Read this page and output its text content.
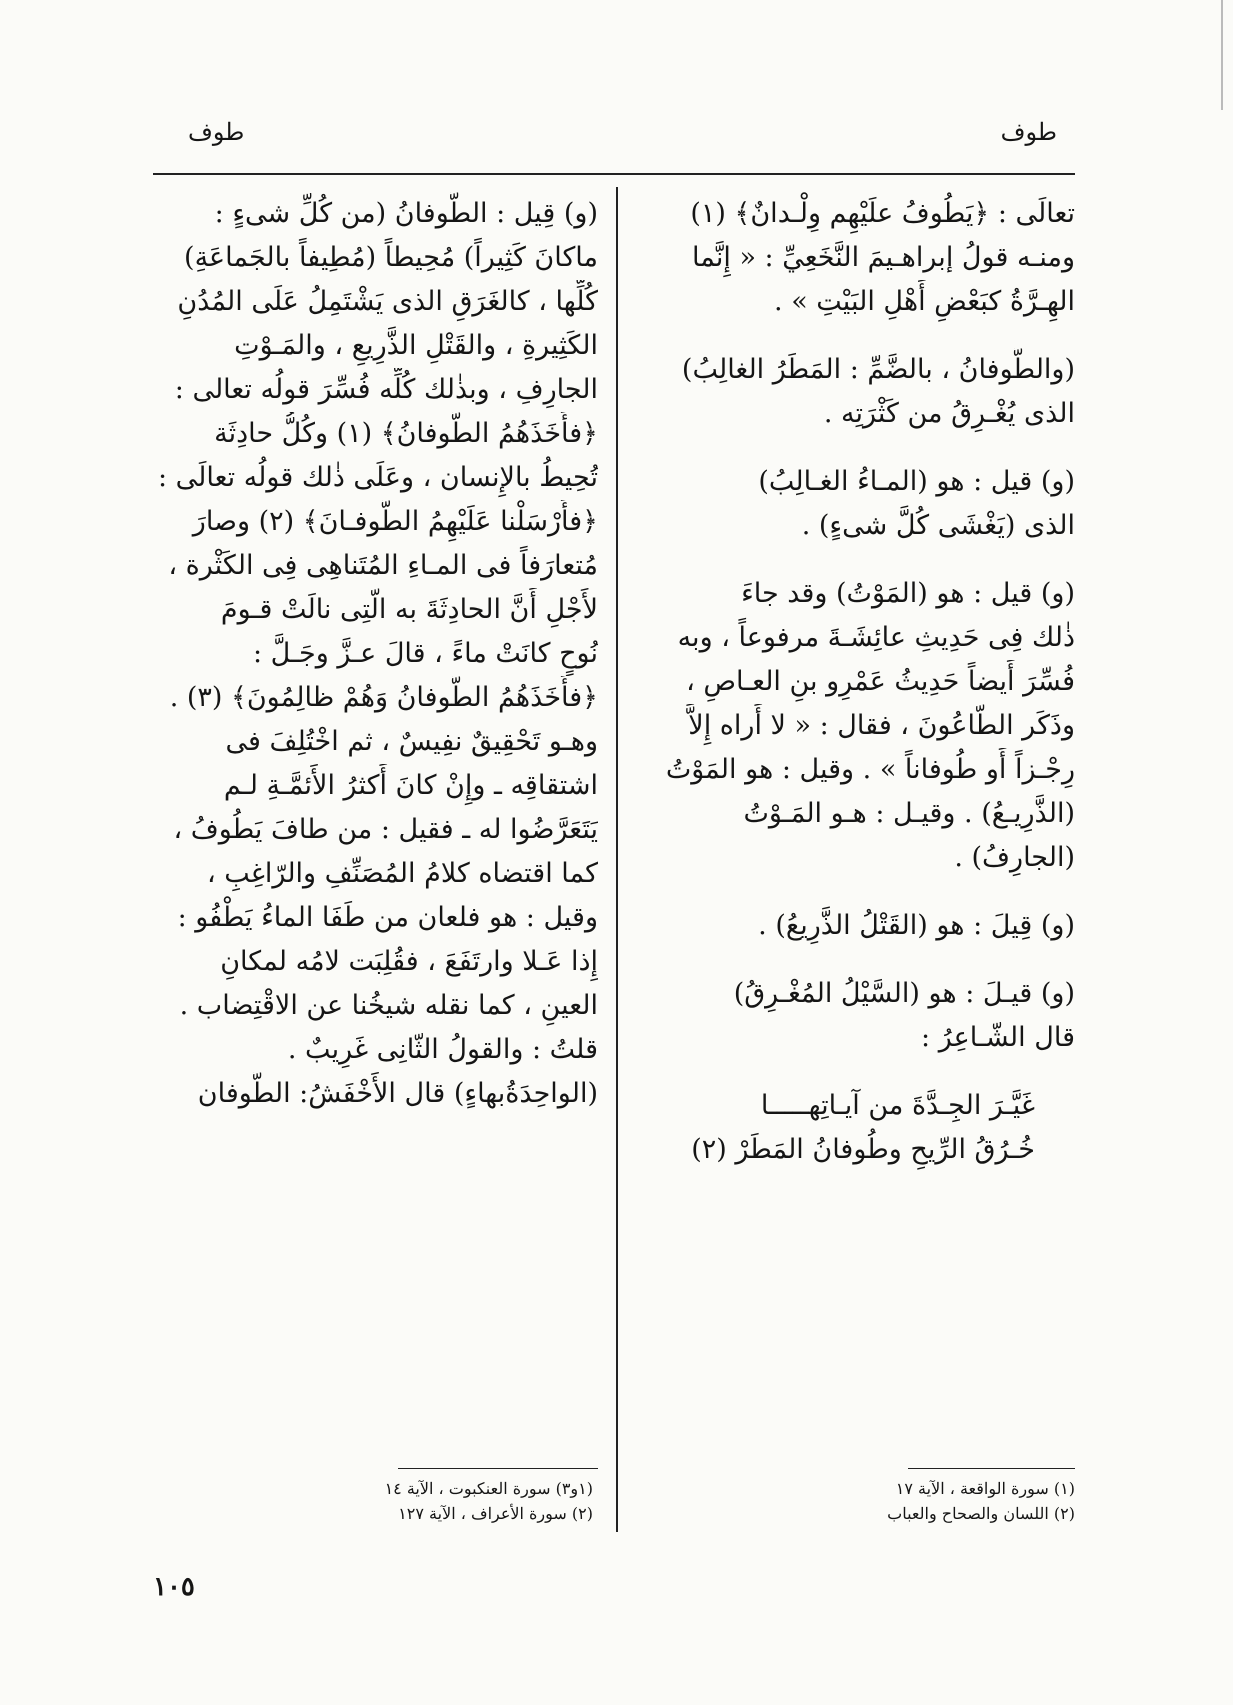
طوف
طوف
تعالَى : ﴿يَطُوفُ علَيْهِم وِلْـدانٌ﴾ (١)
ومنـه قولُ إبراهـيمَ النَّخَعِيِّ : « إِنَّما
الهِـرَّةُ كبَعْضِ أَهْلِ البَيْتِ » .
(والطُّوفانُ ، بالضَّمِّ : المَطَرُ الغالِبُ)
الذى يُغْـرِقُ من كَثْرَتِه .
(و) قيل : هو (المـاءُ الغـالِبُ)
الذى (يَغْشَى كُلَّ شىءٍ) .
(و) قيل : هو (المَوْتُ) وقد جاءَ
ذٰلك فِى حَدِيثِ عائِشَـةَ مرفوعاً ، وبه
فُسِّرَ أَيضاً حَدِيثُ عَمْرِو بنِ العـاصِ ،
وذَكَر الطّاعُونَ ، فقال : « لا أَراه إِلاَّ
رِجْـزاً أَو طُوفاناً » . وقيل : هو المَوْتُ
(الذَّرِيـعُ) . وقيـل : هـو المَـوْتُ
(الجارِفُ) .
(و) قِيلَ : هو (القَتْلُ الذَّرِيعُ) .
(و) قيـلَ : هو (السَّيْلُ المُغْـرِقُ)
قال الشّـاعِرُ :
غَيَّـرَ الجِـدَّةَ من آيـاتِهـــــا
خُـرُقُ الرِّيحِ وطُوفانُ المَطَرْ (٢)
(و) قِيل : الطُّوفانُ (من كُلِّ شىءٍ :
ماكانَ كَثِيراً) مُحِيطاً (مُطِيفاً بالجَماعَةِ)
كُلِّها ، كالغَرَقِ الذى يَشْتَمِلُ عَلَى المُدُنِ
الكَثِيرةِ ، والقَتْلِ الذَّرِيعِ ، والمَـوْتِ
الجارِفِ ، وبذٰلك كُلِّه فُسِّرَ قولُه تعالى :
﴿فأَخَذَهُمُ الطُّوفانُ﴾ (١) وكُلُّ حادِثَة
تُحِيطُ بالإِنسان ، وعَلَى ذٰلك قولُه تعالَى :
﴿فأَرْسَلْنا عَلَيْهِمُ الطُّوفـانَ﴾ (٢) وصارَ
مُتعارَفاً فى المـاءِ المُتَناهِى فِى الكَثْرة ،
لأَجْلِ أَنَّ الحادِثَةَ به الَّتِى نالَتْ قـومَ
نُوحٍ كانَتْ ماءً ، قالَ عـزَّ وجَـلَّ :
﴿فأَخَذَهُمُ الطُّوفانُ وَهُمْ ظالِمُونَ﴾ (٣) .
وهـو تَحْقِيقٌ نفِيسٌ ، ثم اخْتُلِفَ فى
اشتقاقِه ـ وإِنْ كانَ أَكثرُ الأَئمَّـةِ لـم
يَتَعَرَّضُوا له ـ فقيل : من طافَ يَطُوفُ ،
كما اقتضاه كلامُ المُصَنِّفِ والرّاغِبِ ،
وقيل : هو فلعان من طَفَا الماءُ يَطْفُو :
إِذا عَـلا وارتَفَعَ ، فقُلِبَت لامُه لمكانِ
العينِ ، كما نقله شيخُنا عن الاقْتِضاب .
قلتُ : والقولُ الثّانِى غَرِيبٌ .
(الواحِدَةُبهاءٍ) قال الأَخْفَشُ: الطُّوفان
(١) سورة الواقعة ، الآية ١٧
(٢) اللسان والصحاح والعباب
(١و٣) سورة العنكبوت ، الآية ١٤
(٢) سورة الأعراف ، الآية ١٢٧
١٠٥
